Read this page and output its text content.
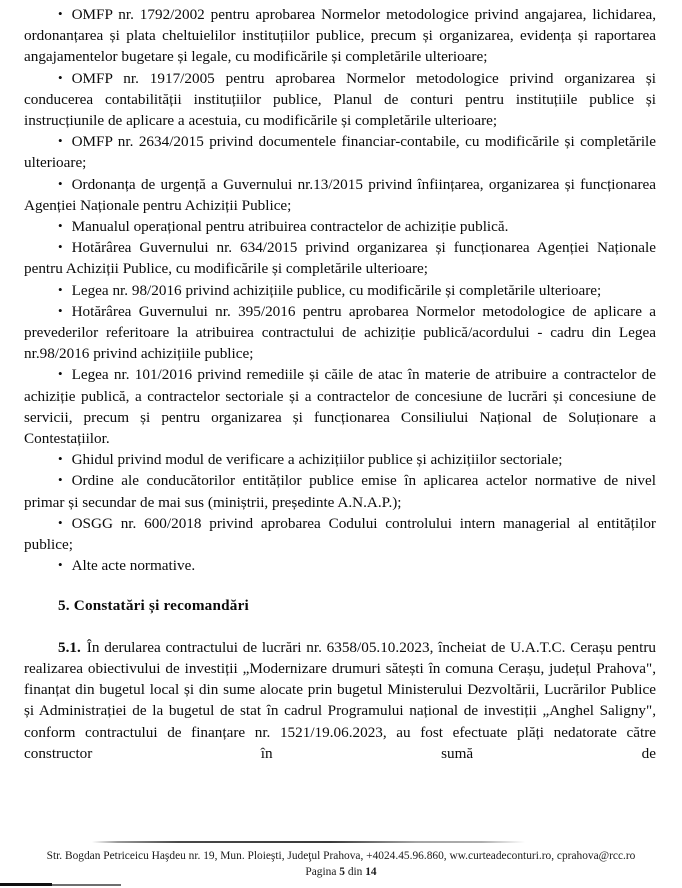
• OMFP nr. 1792/2002 pentru aprobarea Normelor metodologice privind angajarea, lichidarea, ordonanțarea și plata cheltuielilor instituțiilor publice, precum și organizarea, evidența și raportarea angajamentelor bugetare și legale, cu modificările și completările ulterioare;

• OMFP nr. 1917/2005 pentru aprobarea Normelor metodologice privind organizarea și conducerea contabilității instituțiilor publice, Planul de conturi pentru instituțiile publice și instrucțiunile de aplicare a acestuia, cu modificările și completările ulterioare;

• OMFP nr. 2634/2015 privind documentele financiar-contabile, cu modificările și completările ulterioare;

• Ordonanța de urgență a Guvernului nr.13/2015 privind înființarea, organizarea și funcționarea Agenției Naționale pentru Achiziții Publice;

• Manualul operațional pentru atribuirea contractelor de achiziție publică.

• Hotărârea Guvernului nr. 634/2015 privind organizarea și funcționarea Agenției Naționale pentru Achiziții Publice, cu modificările și completările ulterioare;

• Legea nr. 98/2016 privind achizițiile publice, cu modificările și completările ulterioare;

• Hotărârea Guvernului nr. 395/2016 pentru aprobarea Normelor metodologice de aplicare a prevederilor referitoare la atribuirea contractului de achiziție publică/acordului - cadru din Legea nr.98/2016 privind achizițiile publice;

• Legea nr. 101/2016 privind remediile și căile de atac în materie de atribuire a contractelor de achiziție publică, a contractelor sectoriale și a contractelor de concesiune de lucrări și concesiune de servicii, precum și pentru organizarea și funcționarea Consiliului Național de Soluționare a Contestațiilor.

• Ghidul privind modul de verificare a achizițiilor publice și achizițiilor sectoriale;

• Ordine ale conducătorilor entităților publice emise în aplicarea actelor normative de nivel primar și secundar de mai sus (miniștrii, președinte A.N.A.P.);

• OSGG nr. 600/2018 privind aprobarea Codului controlului intern managerial al entităților publice;

• Alte acte normative.

5. Constatări și recomandări

5.1. În derularea contractului de lucrări nr. 6358/05.10.2023, încheiat de U.A.T.C. Cerașu pentru realizarea obiectivului de investiții „Modernizare drumuri sătești în comuna Cerașu, județul Prahova", finanțat din bugetul local și din sume alocate prin bugetul Ministerului Dezvoltării, Lucrărilor Publice și Administrației de la bugetul de stat în cadrul Programului național de investiții „Anghel Saligny", conform contractului de finanțare nr. 1521/19.06.2023, au fost efectuate plăți nedatorate către constructor în sumă de

Str. Bogdan Petriceicu Haşdeu nr. 19, Mun. Ploieşti, Judeţul Prahova, +4024.45.96.860, ww.curteadeconturi.ro, cprahova@rcc.ro
Pagina 5 din 14
